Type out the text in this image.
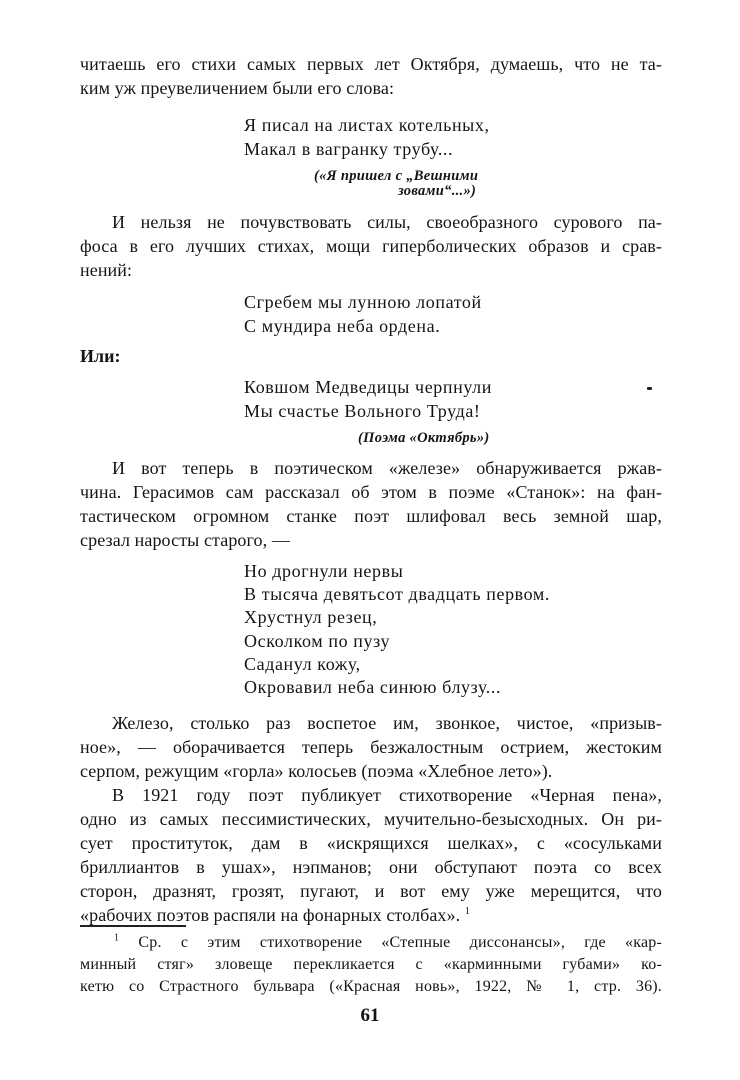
читаешь его стихи самых первых лет Октября, думаешь, что не та-
ким уж преувеличением были его слова:
Я писал на листах котельных,
Макал в вагранку трубу...
(«Я пришел с „Вешними
зовами“...»)
И нельзя не почувствовать силы, своеобразного сурового па-
фоса в его лучших стихах, мощи гиперболических образов и срав-
нений:
Сгребем мы лунною лопатой
С мундира неба ордена.
Или:
Ковшом Медведицы черпнули
Мы счастье Вольного Труда!
(Поэма «Октябрь»)
И вот теперь в поэтическом «железе» обнаруживается ржав-
чина. Герасимов сам рассказал об этом в поэме «Станок»: на фан-
тастическом огромном станке поэт шлифовал весь земной шар,
срезал наросты старого, —
Но дрогнули нервы
В тысяча девятьсот двадцать первом.
Хрустнул резец,
Осколком по пузу
Саданул кожу,
Окровавил неба синюю блузу...
Железо, столько раз воспетое им, звонкое, чистое, «призыв-
ное», — оборачивается теперь безжалостным острием, жестоким
серпом, режущим «горла» колосьев (поэма «Хлебное лето»).
В 1921 году поэт публикует стихотворение «Черная пена»,
одно из самых пессимистических, мучительно-безысходных. Он ри-
сует проституток, дам в «искрящихся шелках», с «сосульками
бриллиантов в ушах», нэпманов; они обступают поэта со всех
сторон, дразнят, грозят, пугают, и вот ему уже мерещится, что
«рабочих поэтов распяли на фонарных столбах». $^1$
$^1$ Ср. с этим стихотворение «Степные диссонансы», где «кар-
минный стяг» зловеще перекликается с «карминными губами» ко-
кетю со Страстного бульвара («Красная новь», 1922, № 1, стр. 36).
61
